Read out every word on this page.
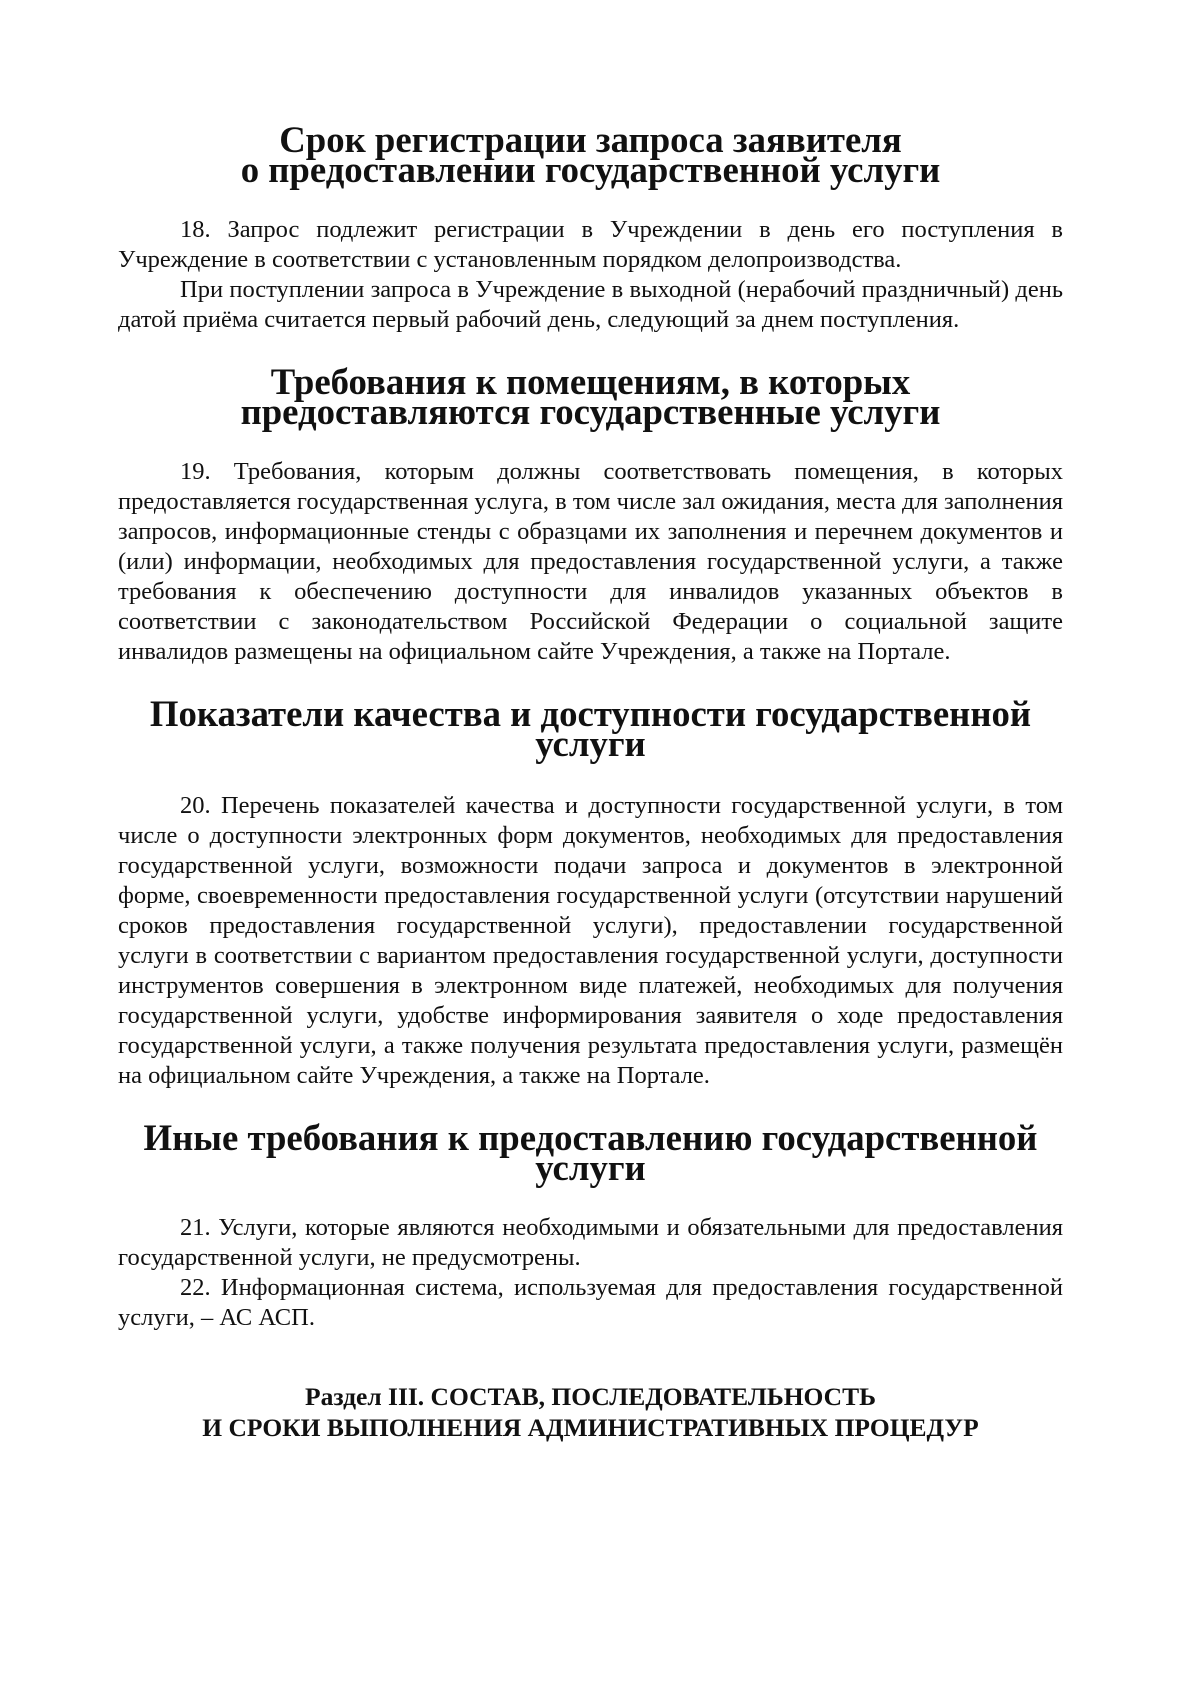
Срок регистрации запроса заявителя
о предоставлении государственной услуги

18. Запрос подлежит регистрации в Учреждении в день его поступления в Учреждение в соответствии с установленным порядком делопроизводства.

При поступлении запроса в Учреждение в выходной (нерабочий праздничный) день датой приёма считается первый рабочий день, следующий за днем поступления.

Требования к помещениям, в которых
предоставляются государственные услуги

19. Требования, которым должны соответствовать помещения, в которых предоставляется государственная услуга, в том числе зал ожидания, места для заполнения запросов, информационные стенды с образцами их заполнения и перечнем документов и (или) информации, необходимых для предоставления государственной услуги, а также требования к обеспечению доступности для инвалидов указанных объектов в соответствии с законодательством Российской Федерации о социальной защите инвалидов размещены на официальном сайте Учреждения, а также на Портале.

Показатели качества и доступности государственной услуги

20. Перечень показателей качества и доступности государственной услуги, в том числе о доступности электронных форм документов, необходимых для предоставления государственной услуги, возможности подачи запроса и документов в электронной форме, своевременности предоставления государственной услуги (отсутствии нарушений сроков предоставления государственной услуги), предоставлении государственной услуги в соответствии с вариантом предоставления государственной услуги, доступности инструментов совершения в электронном виде платежей, необходимых для получения государственной услуги, удобстве информирования заявителя о ходе предоставления государственной услуги, а также получения результата предоставления услуги, размещён на официальном сайте Учреждения, а также на Портале.

Иные требования к предоставлению государственной услуги

21. Услуги, которые являются необходимыми и обязательными для предоставления государственной услуги, не предусмотрены.

22. Информационная система, используемая для предоставления государственной услуги, – АС АСП.

Раздел III. СОСТАВ, ПОСЛЕДОВАТЕЛЬНОСТЬ
И СРОКИ ВЫПОЛНЕНИЯ АДМИНИСТРАТИВНЫХ ПРОЦЕДУР
